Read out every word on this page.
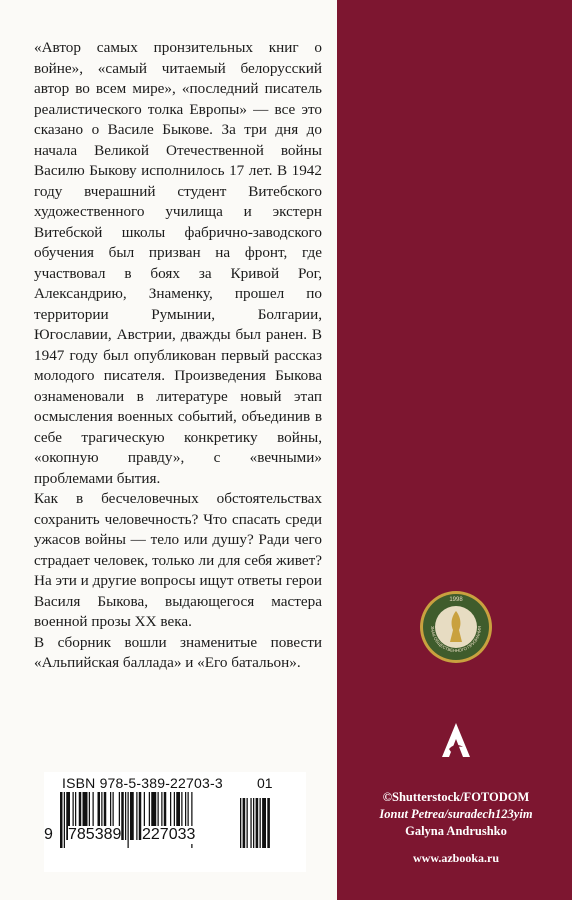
«Автор самых пронзительных книг о войне», «самый читаемый белорусский автор во всем мире», «последний писатель реалистического толка Европы» — все это сказано о Василе Быкове. За три дня до начала Великой Отечественной войны Василю Быкову исполнилось 17 лет. В 1942 году вчерашний студент Витебского художественного училища и экстерн Витебской школы фабрично-заводского обучения был призван на фронт, где участвовал в боях за Кривой Рог, Александрию, Знаменку, прошел по территории Румынии, Болгарии, Югославии, Австрии, дважды был ранен. В 1947 году был опубликован первый рассказ молодого писателя. Произведения Быкова ознаменовали в литературе новый этап осмысления военных событий, объединив в себе трагическую конкретику войны, «окопную правду», с «вечными» проблемами бытия.

Как в бесчеловечных обстоятельствах сохранить человечность? Что спасать среди ужасов войны — тело или душу? Ради чего страдает человек, только ли для себя живет? На эти и другие вопросы ищут ответы герои Василя Быкова, выдающегося мастера военной прозы XX века.

В сборник вошли знаменитые повести «Альпийская баллада» и «Его батальон».

1998
ЗНАК ОБЩЕСТВЕННОГО ПРИЗНАНИЯ
©Shutterstock/FOTODOM
Ionut Petrea/suradech123yim
Galyna Andrushko
www.azbooka.ru
ISBN 978-5-389-22703-3 01
9 785389 227033
